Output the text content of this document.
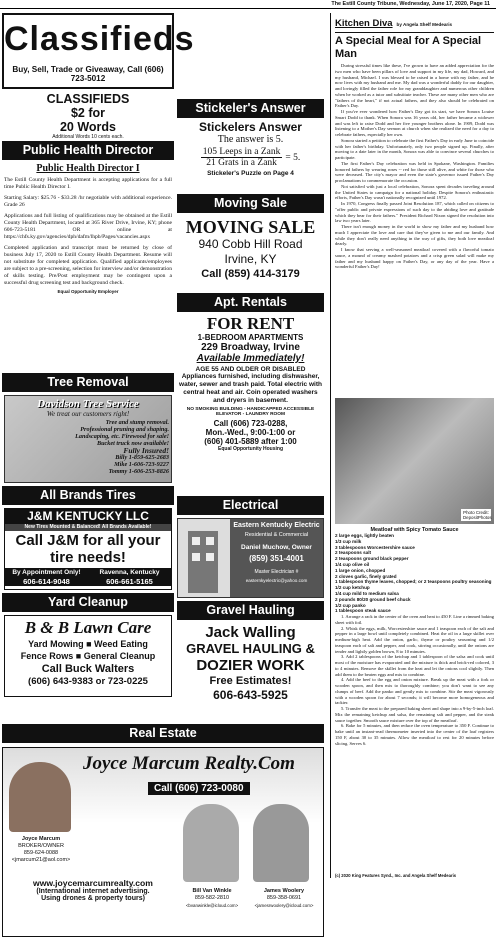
The Estill County Tribune, Wednesday, June 17, 2020, Page 11
Classifieds
Buy, Sell, Trade or Giveaway, Call (606) 723-5012
CLASSIFIEDS
$2 for
20 Words
Additional Words 10 cents each.
Public Health Director
Public Health Director I
The Estill County Health Department is accepting applications for a full time Public Health Director I.
Starting Salary: $25.76 - $33.28 /hr negotiable with additional experience. Grade 26
Applications and full listing of qualifications may be obtained at the Estill County Health Department, located at 365 River Drive, Irvine, KY; phone 606-723-5181 OR online at https://chfs.ky.gov/agencies/dph/dafm/lhpb/Pages/vacancies.aspx
Completed application and transcript must be returned by close of business July 17, 2020 to Estill County Health Department. Resume will not substitute for completed application. Qualified applicants/employees are subject to a pre-screening, selection for interview and/or demonstration of skills testing. Pre/Post employment may be contingent upon a successful drug screening test and background check.
Equal Opportunity Employer
Tree Removal
Davidson Tree Service
We treat our customers right!
Tree and stump removal.
Professional pruning and shaping.
Landscaping, etc. Firewood for sale!
Bucket truck now available!
Fully Insured!
Billy 1-859-625-2683
Mike 1-606-723-9227
Tommy 1-606-253-8826
All Brands Tires
J&M KENTUCKY LLC
New Tires Mounted & Balanced! All Brands Available!
Call J&M for all your tire needs!
By Appointment Only!	Ravenna, Kentucky
606-614-9048	606-661-5165
Yard Cleanup
B & B Lawn Care
Yard Mowing ■ Weed Eating
Fence Rows ■ General Cleanup
Call Buck Walters
(606) 643-9383 or 723-0225
Stickeler's Answer
Stickelers Answer
The answer is 5.
105 Leeps in a Zank
21 Grats in a Zank
= 5.
Stickeler's Puzzle on Page 4
Moving Sale
MOVING SALE
940 Cobb Hill Road
Irvine, KY
Call (859) 414-3179
Apt. Rentals
FOR RENT
1-BEDROOM APARTMENTS
229 Broadway, Irvine
Available Immediately!
AGE 55 AND OLDER OR DISABLED
Appliances furnished, including dishwasher, water, sewer and trash paid. Total electric with central heat and air. Coin operated washers and dryers in basement.
NO SMOKING BUILDING - HANDICAPPED ACCESSIBLE
ELEVATOR - LAUNDRY ROOM
Call (606) 723-0288,
Mon.-Wed., 9:00-1:00 or
(606) 401-5889 after 1:00
Equal Opportunity Housing
Electrical
Eastern Kentucky Electric
Residential & Commercial
Daniel Muchow, Owner
(859) 351-4001
Master Electrician #
easternkyelectric@yahoo.com
Gravel Hauling
Jack Walling
GRAVEL HAULING &
DOZIER WORK
Free Estimates!
606-643-5925
Real Estate
Joyce Marcum Realty.Com
Call (606) 723-0080
Joyce Marcum
BROKER/OWNER
859-624-0088
<jmarcum21@aol.com>
www.joycemarcumrealty.com
(International internet advertising.
Using drones & property tours)
Bill Van Winkle
859-582-2810
<bvanwinkle@icloud.com>
James Woolery
859-358-0691
<jamesrwoolery@icloud.com>
Kitchen Diva by Angela Shelf Medearis
A Special Meal for A Special Man
During stressful times like these, I've grown to have an added appreciation for the two men who have been pillars of love and support in my life, my dad, Howard, and my husband, Michael. I was blessed to be raised in a home with my father, and he now lives with my husband and me. My dad was a wonderful daddy for our daughter, and lovingly filled the father role for my granddaughter and numerous other children when he worked as a tutor and substitute teacher. These are many other men who are "fathers of the heart," if not actual fathers, and they also should be celebrated on Father's Day.
If you've ever wondered how Father's Day got its start, we have Sonora Louise Smart Dodd to thank. When Sonora was 16 years old, her father became a widower and was left to raise Dodd and her five younger brothers alone. In 1909, Dodd was listening to a Mother's Day sermon at church when she realized the need for a day to celebrate fathers, especially her own.
Sonora started a petition to celebrate the first Father's Day in early June to coincide with her father's birthday. Unfortunately, only two people signed up. Finally, after moving to a date later in the month, Sonora was able to convince several churches to participate.
The first Father's Day celebration was held in Spokane, Washington. Families honored fathers by wearing roses -- red for those still alive, and white for those who were deceased. The city's mayor and even the state's governor issued Father's Day proclamations to commemorate the occasion.
Not satisfied with just a local celebration, Sonora spent decades traveling around the United States to campaign for a national holiday. Despite Sonora's enthusiastic efforts, Father's Day wasn't nationally recognized until 1972.
In 1970, Congress finally passed Joint Resolution 187, which called on citizens to "offer public and private expressions of such day to the abiding love and gratitude which they bear for their fathers." President Richard Nixon signed the resolution into law two years later.
There isn't enough money in the world to show my father and my husband how much I appreciate the love and care that they've given to me and our family. And while they don't really need anything in the way of gifts, they both love meatloaf dearly.
I know that serving a well-seasoned meatloaf covered with a flavorful tomato sauce, a mound of creamy mashed potatoes and a crisp green salad will make my father and my husband happy on Father's Day, or any day of the year. Have a wonderful Father's Day!
Photo Credit: DepositPhotos
Meatloaf with Spicy Tomato Sauce
2 large eggs, lightly beaten
1/3 cup milk
3 tablespoons Worcestershire sauce
2 teaspoons salt
2 teaspoons ground black pepper
1/4 cup olive oil
1 large onion, chopped
2 cloves garlic, finely grated
1 tablespoon thyme leaves, chopped; or 2 teaspoons poultry seasoning
1/2 cup ketchup
1/4 cup mild to medium salsa
2 pounds 80/20 ground beef chuck
1/2 cup panko
1 tablespoon steak sauce
1. Arrange a rack in the center of the oven and heat to 450 F. Line a rimmed baking sheet with foil.
2. Whisk the eggs, milk, Worcestershire sauce and 1 teaspoon each of the salt and pepper in a large bowl until completely combined. Heat the oil in a large skillet over medium-high heat. Add the onion, garlic, thyme or poultry seasoning and 1/2 teaspoon each of salt and pepper, and cook, stirring occasionally, until the onions are tender and lightly golden brown, 8 to 10 minutes.
3. Add 2 tablespoons of the ketchup and 1 tablespoon of the salsa and cook until most of the moisture has evaporated and the mixture is thick and brick-red colored, 3 to 4 minutes. Remove the skillet from the heat and let the onions cool slightly. Then add them to the beaten eggs and mix to combine.
4. Add the beef to the egg and onion mixture. Break up the meat with a fork or wooden spoon, and then mix to thoroughly combine; you don't want to see any clumps of beef. Add the panko and gently mix to combine. Stir the meat vigorously with a wooden spoon for about 7 seconds; it will become more homogeneous and tackier.
5. Transfer the meat to the prepared baking sheet and shape into a 9-by-5-inch loaf. Mix the remaining ketchup and salsa, the remaining salt and pepper, and the steak sauce together. Smooth sauce mixture over the top of the meatloaf.
6. Bake for 5 minutes, and then reduce the oven temperature to 350 F. Continue to bake until an instant-read thermometer inserted into the center of the loaf registers 150 F, about 30 to 35 minutes. Allow the meatloaf to rest for 20 minutes before slicing. Serves 6.
(c) 2020 King Features Synd., Inc. and Angela Shelf Medearis
